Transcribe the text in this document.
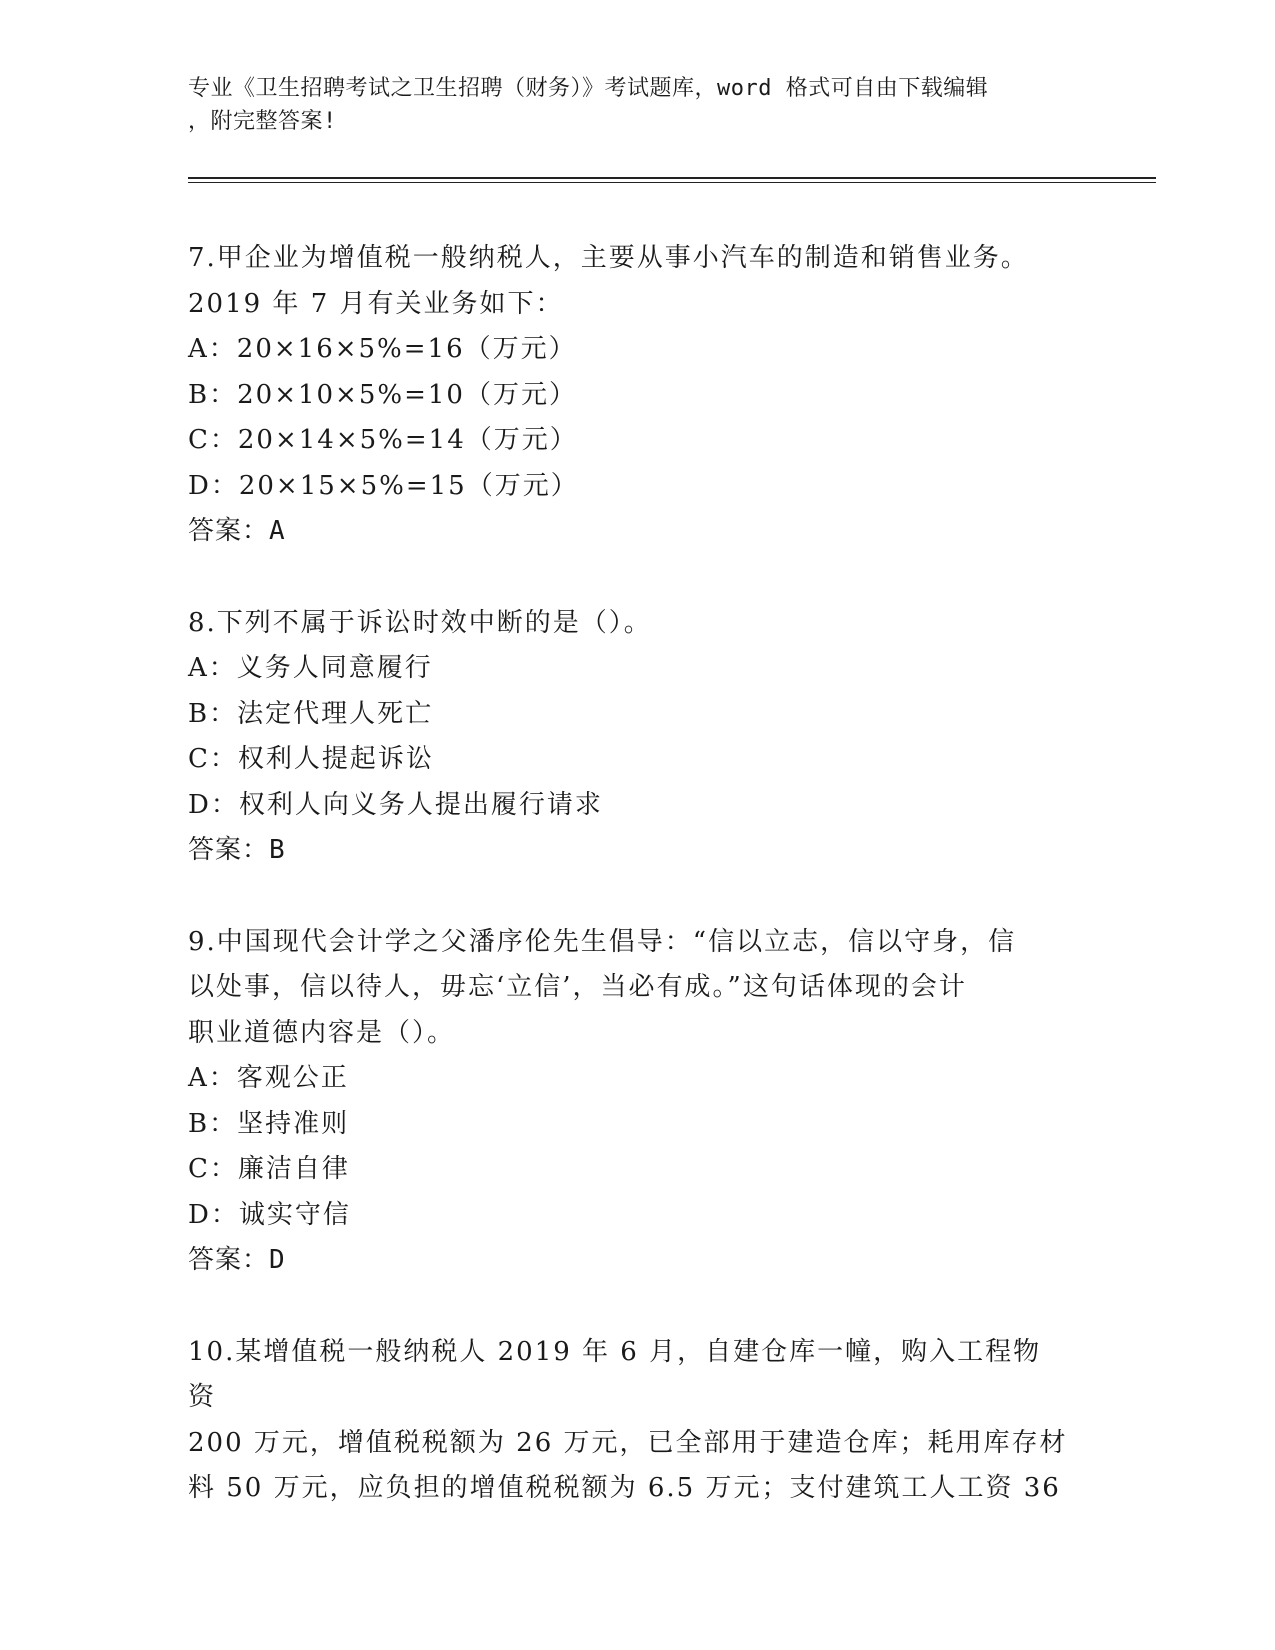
专业《卫生招聘考试之卫生招聘（财务）》考试题库，word 格式可自由下载编辑
，附完整答案!
7.甲企业为增值税一般纳税人，主要从事小汽车的制造和销售业务。
2019 年 7 月有关业务如下：
A：20×16×5%=16（万元）
B：20×10×5%=10（万元）
C：20×14×5%=14（万元）
D：20×15×5%=15（万元）
答案：A
8.下列不属于诉讼时效中断的是（）。
A：义务人同意履行
B：法定代理人死亡
C：权利人提起诉讼
D：权利人向义务人提出履行请求
答案：B
9.中国现代会计学之父潘序伦先生倡导：“信以立志，信以守身，信
以处事，信以待人，毋忘‘立信’，当必有成。”这句话体现的会计
职业道德内容是（）。
A：客观公正
B：坚持准则
C：廉洁自律
D：诚实守信
答案：D
10.某增值税一般纳税人 2019 年 6 月，自建仓库一幢，购入工程物资
200 万元，增值税税额为 26 万元，已全部用于建造仓库；耗用库存材
料 50 万元，应负担的增值税税额为 6.5 万元；支付建筑工人工资 36
